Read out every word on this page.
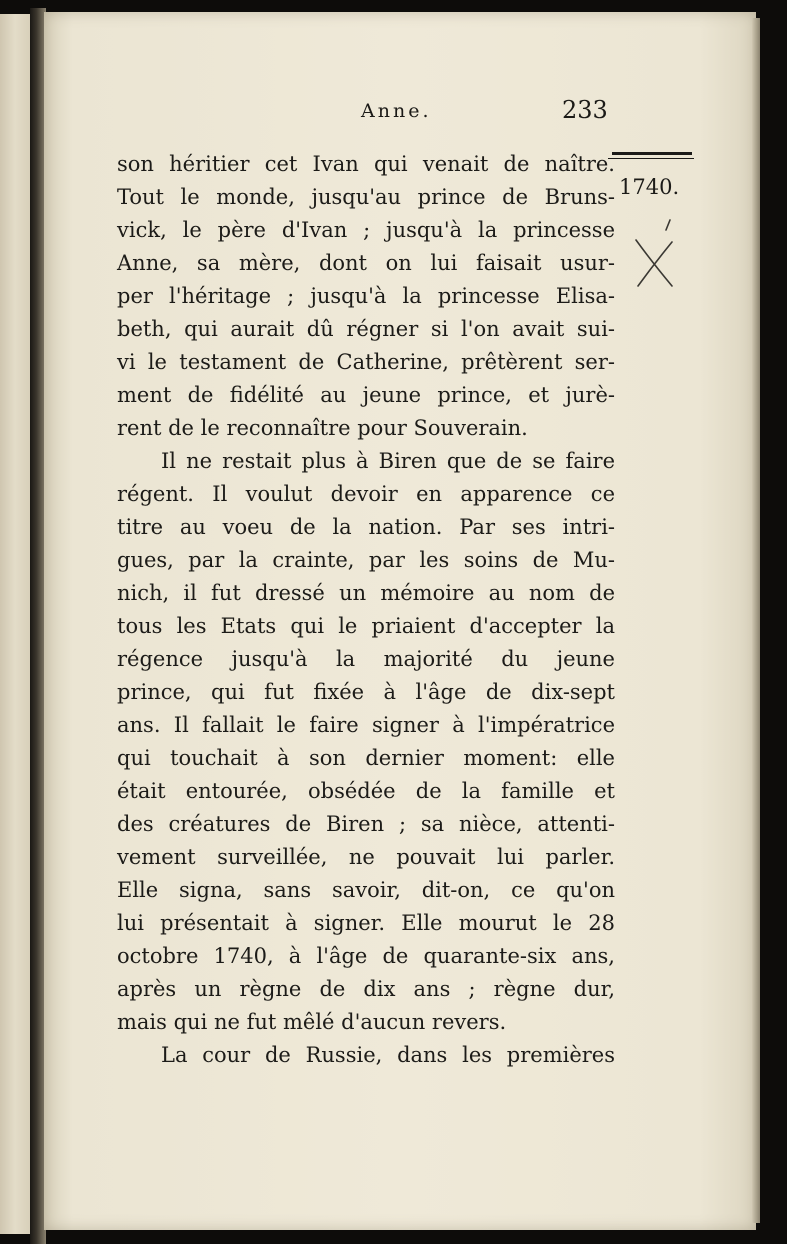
Anne.	233
1740.
son héritier cet Ivan qui venait de naître.
Tout le monde, jusqu'au prince de Bruns-
vick, le père d'Ivan ; jusqu'à la princesse
Anne, sa mère, dont on lui faisait usur-
per l'héritage ; jusqu'à la princesse Elisa-
beth, qui aurait dû régner si l'on avait sui-
vi le testament de Catherine, prêtèrent ser-
ment de fidélité au jeune prince, et jurè-
rent de le reconnaître pour Souverain.
Il ne restait plus à Biren que de se faire
régent. Il voulut devoir en apparence ce
titre au voeu de la nation. Par ses intri-
gues, par la crainte, par les soins de Mu-
nich, il fut dressé un mémoire au nom de
tous les Etats qui le priaient d'accepter la
régence jusqu'à la majorité du jeune
prince, qui fut fixée à l'âge de dix-sept
ans. Il fallait le faire signer à l'impératrice
qui touchait à son dernier moment: elle
était entourée, obsédée de la famille et
des créatures de Biren ; sa nièce, attenti-
vement surveillée, ne pouvait lui parler.
Elle signa, sans savoir, dit-on, ce qu'on
lui présentait à signer. Elle mourut le 28
octobre 1740, à l'âge de quarante-six ans,
après un règne de dix ans ; règne dur,
mais qui ne fut mêlé d'aucun revers.
La cour de Russie, dans les premières
